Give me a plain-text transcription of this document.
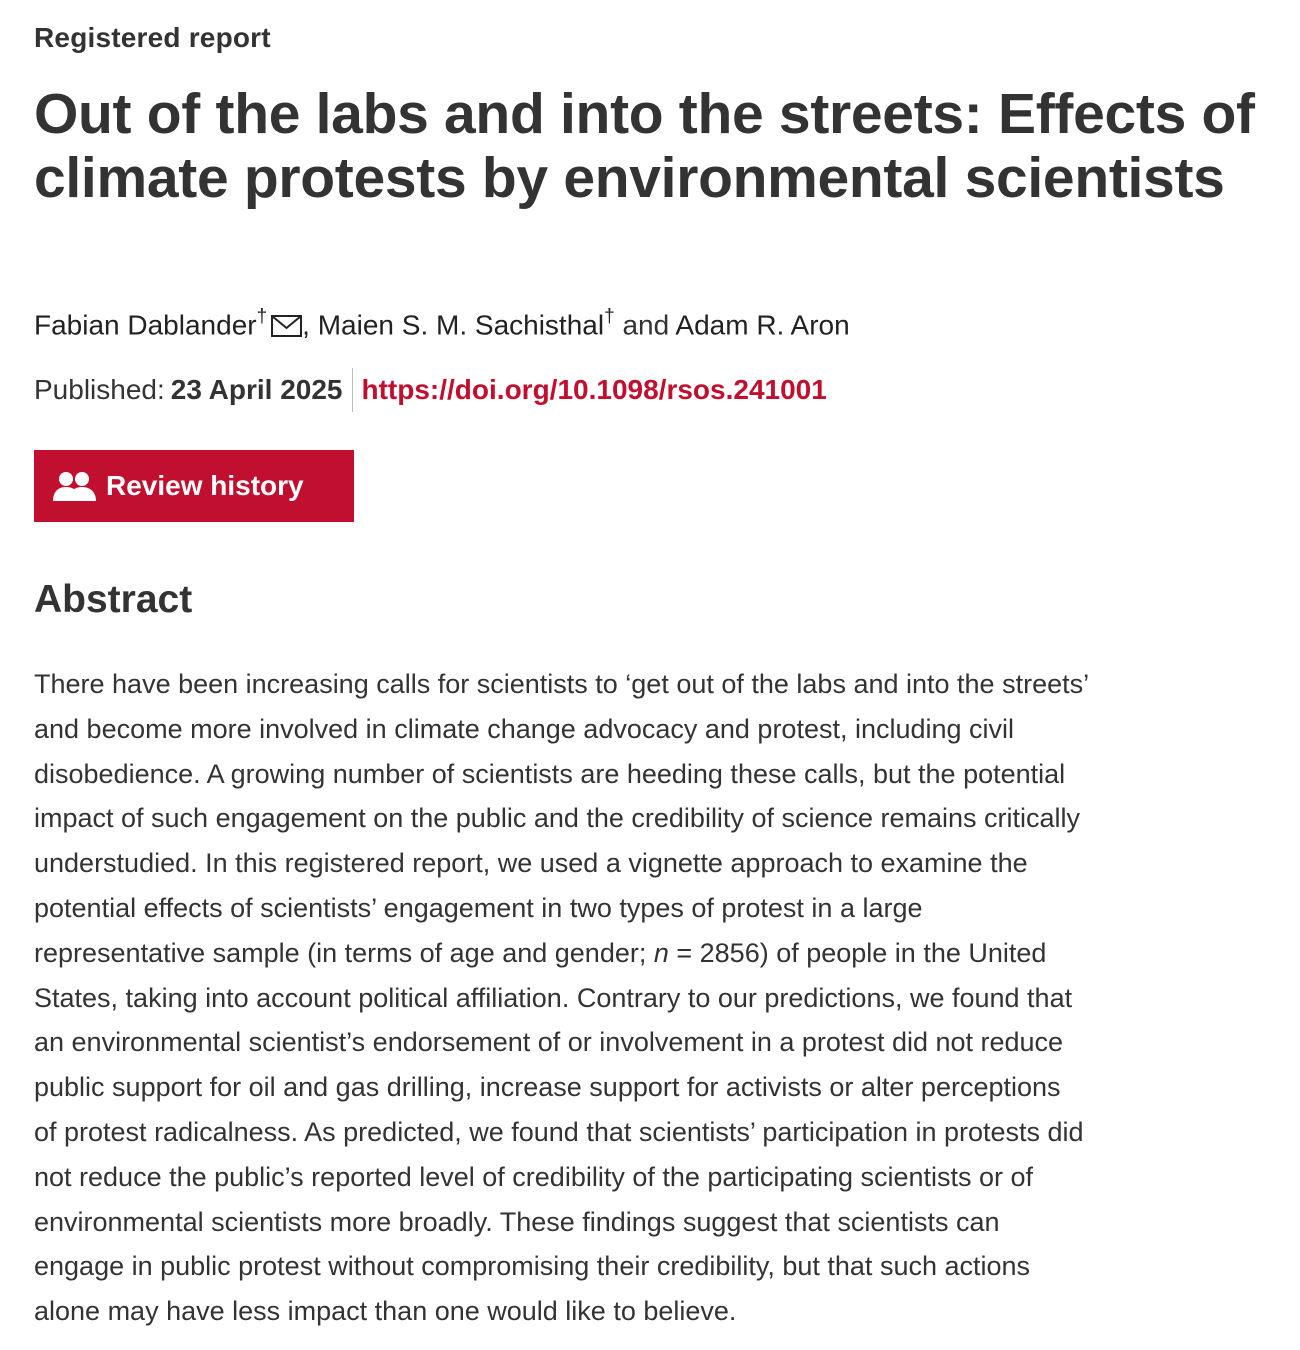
Registered report
Out of the labs and into the streets: Effects of climate protests by environmental scientists
Fabian Dablander† , Maien S. M. Sachisthal† and Adam R. Aron
Published: 23 April 2025 https://doi.org/10.1098/rsos.241001
Review history
Abstract

There have been increasing calls for scientists to ‘get out of the labs and into the streets’
and become more involved in climate change advocacy and protest, including civil
disobedience. A growing number of scientists are heeding these calls, but the potential
impact of such engagement on the public and the credibility of science remains critically
understudied. In this registered report, we used a vignette approach to examine the
potential effects of scientists’ engagement in two types of protest in a large
representative sample (in terms of age and gender; n = 2856) of people in the United
States, taking into account political affiliation. Contrary to our predictions, we found that
an environmental scientist’s endorsement of or involvement in a protest did not reduce
public support for oil and gas drilling, increase support for activists or alter perceptions
of protest radicalness. As predicted, we found that scientists’ participation in protests did
not reduce the public’s reported level of credibility of the participating scientists or of
environmental scientists more broadly. These findings suggest that scientists can
engage in public protest without compromising their credibility, but that such actions
alone may have less impact than one would like to believe.
